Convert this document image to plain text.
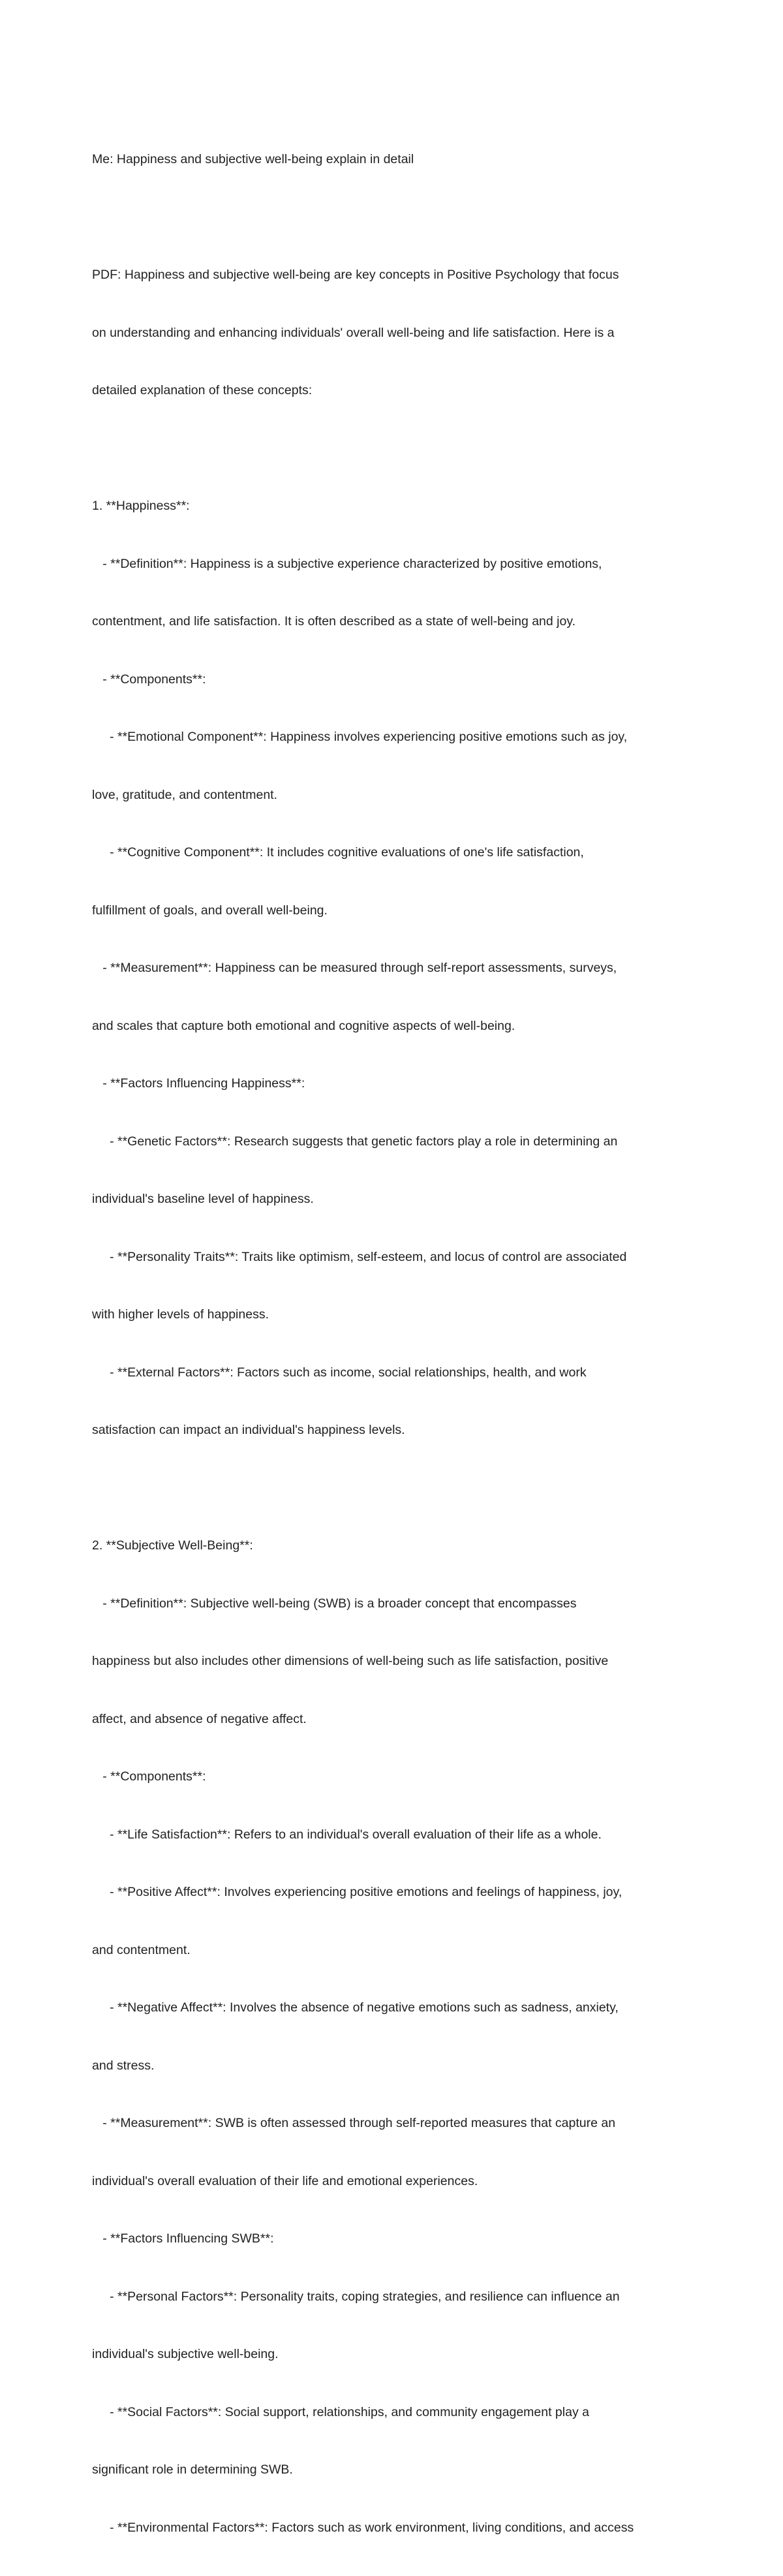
Me: Happiness and subjective well-being explain in detail

PDF: Happiness and subjective well-being are key concepts in Positive Psychology that focus

on understanding and enhancing individuals' overall well-being and life satisfaction. Here is a

detailed explanation of these concepts:

1. **Happiness**:

- **Definition**: Happiness is a subjective experience characterized by positive emotions,

contentment, and life satisfaction. It is often described as a state of well-being and joy.

- **Components**:

- **Emotional Component**: Happiness involves experiencing positive emotions such as joy,

love, gratitude, and contentment.

- **Cognitive Component**: It includes cognitive evaluations of one's life satisfaction,

fulfillment of goals, and overall well-being.

- **Measurement**: Happiness can be measured through self-report assessments, surveys,

and scales that capture both emotional and cognitive aspects of well-being.

- **Factors Influencing Happiness**:

- **Genetic Factors**: Research suggests that genetic factors play a role in determining an

individual's baseline level of happiness.

- **Personality Traits**: Traits like optimism, self-esteem, and locus of control are associated

with higher levels of happiness.

- **External Factors**: Factors such as income, social relationships, health, and work

satisfaction can impact an individual's happiness levels.

2. **Subjective Well-Being**:

- **Definition**: Subjective well-being (SWB) is a broader concept that encompasses

happiness but also includes other dimensions of well-being such as life satisfaction, positive

affect, and absence of negative affect.

- **Components**:

- **Life Satisfaction**: Refers to an individual's overall evaluation of their life as a whole.

- **Positive Affect**: Involves experiencing positive emotions and feelings of happiness, joy,

and contentment.

- **Negative Affect**: Involves the absence of negative emotions such as sadness, anxiety,

and stress.

- **Measurement**: SWB is often assessed through self-reported measures that capture an

individual's overall evaluation of their life and emotional experiences.

- **Factors Influencing SWB**:

- **Personal Factors**: Personality traits, coping strategies, and resilience can influence an

individual's subjective well-being.

- **Social Factors**: Social support, relationships, and community engagement play a

significant role in determining SWB.

- **Environmental Factors**: Factors such as work environment, living conditions, and access
